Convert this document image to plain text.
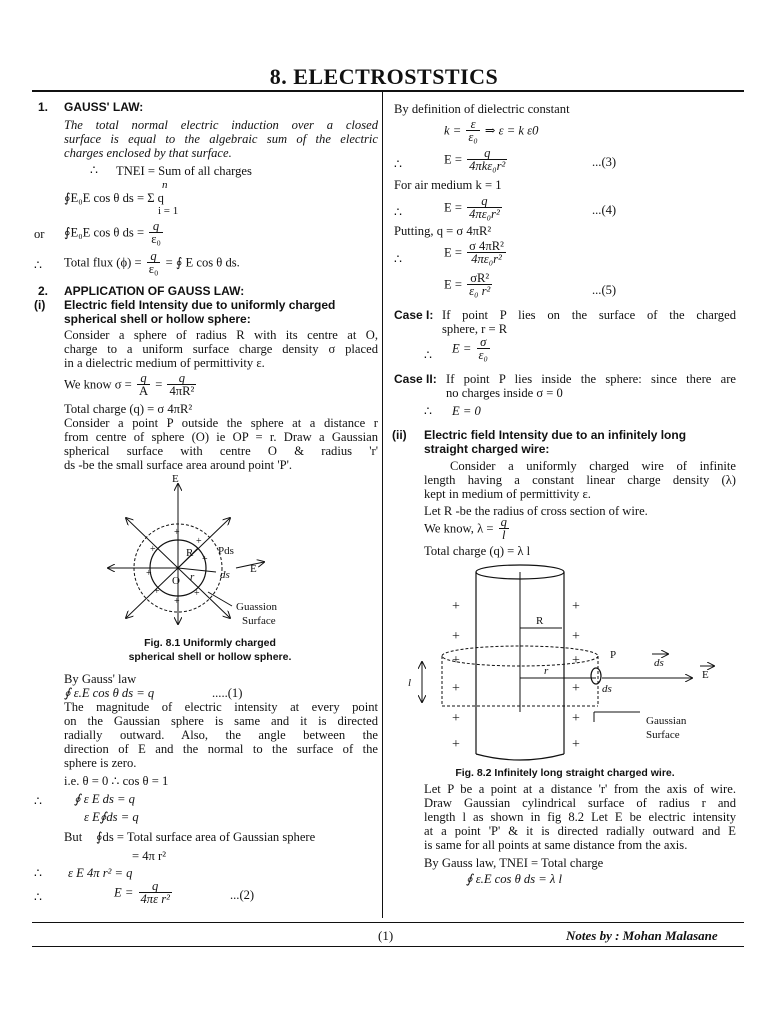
8. ELECTROSTSTICS
1. GAUSS' LAW:
The total normal electric induction over a closed
surface is equal to the algebraic sum of the electric
charges enclosed by that surface.
∴ TNEI = Sum of all charges
n
∮E₀E cos θ ds = Σ q
i = 1
or ∮E₀E cos θ ds = $\frac{q}{\text{ε₀}}$
∴ Total flux $(\phi) = \frac{q}{\text{ε₀}}$ = ∮ E cos θ ds.
2. APPLICATION OF GAUSS LAW:
(i) Electric field Intensity due to uniformly charged
spherical shell or hollow sphere:
Consider a sphere of radius R with its centre at O,
charge to a uniform surface charge density σ placed
in a dielectric medium of permittivity ε.
We know $\sigma = \frac{q}{A} = \frac{q}{\text{4πR²}}$
Total charge (q) = σ 4πR²
Consider a point P outside the sphere at a distance r
from centre of sphere (O) ie OP = r. Draw a Gaussian
spherical surface with centre O & radius 'r'
ds -be the small surface area around point 'P'.
+
+
+
+
+
+
+
+
E
R
r
O
Pds
ds E
Guassion
Surface
Fig. 8.1 Uniformly charged
spherical shell or hollow sphere.
By Gauss' law
∮ ε.E cos θ ds = q	.....(1)
The magnitude of electric intensity at every point
on the Gaussian sphere is same and it is directed
radially outward. Also, the angle between the
direction of E and the normal to the surface of the
sphere is zero.
i.e. θ = 0 ∴ cos θ = 1
∴	∮ ε E ds = q
ε E∮ds = q
But ∮ds = Total surface area of Gaussian sphere
= 4π r²
∴ ε E 4π r² = q
∴	$E = \frac{q}{\text{4πε r²}}$	...(2)
By definition of dielectric constant
$k = \frac{\varepsilon}{\text{ε₀}}$ ⇒ ε = k ε0
∴	$E = \frac{q}{\text{4πkε₀r²}}$	...(3)
For air medium k = 1
∴	$E = \frac{q}{\text{4πε₀r²}}$	...(4)
Putting, q = σ 4πR²
∴	$E = \frac{\text{σ 4πR²}}{\text{4πε₀r²}}$
$E = \frac{\text{σR²}}{\text{ε₀ r²}}$	...(5)
Case I: If point P lies on the surface of the charged
sphere, r = R
∴ $E = \frac{\sigma}{\text{ε₀}}$
Case II: If point P lies inside the sphere: since there are
no charges inside σ = 0
∴ E = 0
(ii) Electric field Intensity due to an infinitely long
straight charged wire:
Consider a uniformly charged wire of infinite
length having a constant linear charge density (λ)
kept in medium of permittivity ε.
Let R -be the radius of cross section of wire.
We know, $\lambda = \frac{q}{l}$
Total charge (q) = λ l
+
+
+
+
+
+
+
+
+
+
+
+
R
r
P
ds
ds
E
l
Gaussian
Surface
Fig. 8.2 Infinitely long straight charged wire.
Let P be a point at a distance 'r' from the axis of wire.
Draw Gaussian cylindrical surface of radius r and
length l as shown in fig 8.2 Let E be electric intensity
at a point 'P' & it is directed radially outward and E
is same for all points at same distance from the axis.
By Gauss law, TNEI = Total charge
∮ ε.E cos θ ds = λ l
(1)	Notes by : Mohan Malasane
